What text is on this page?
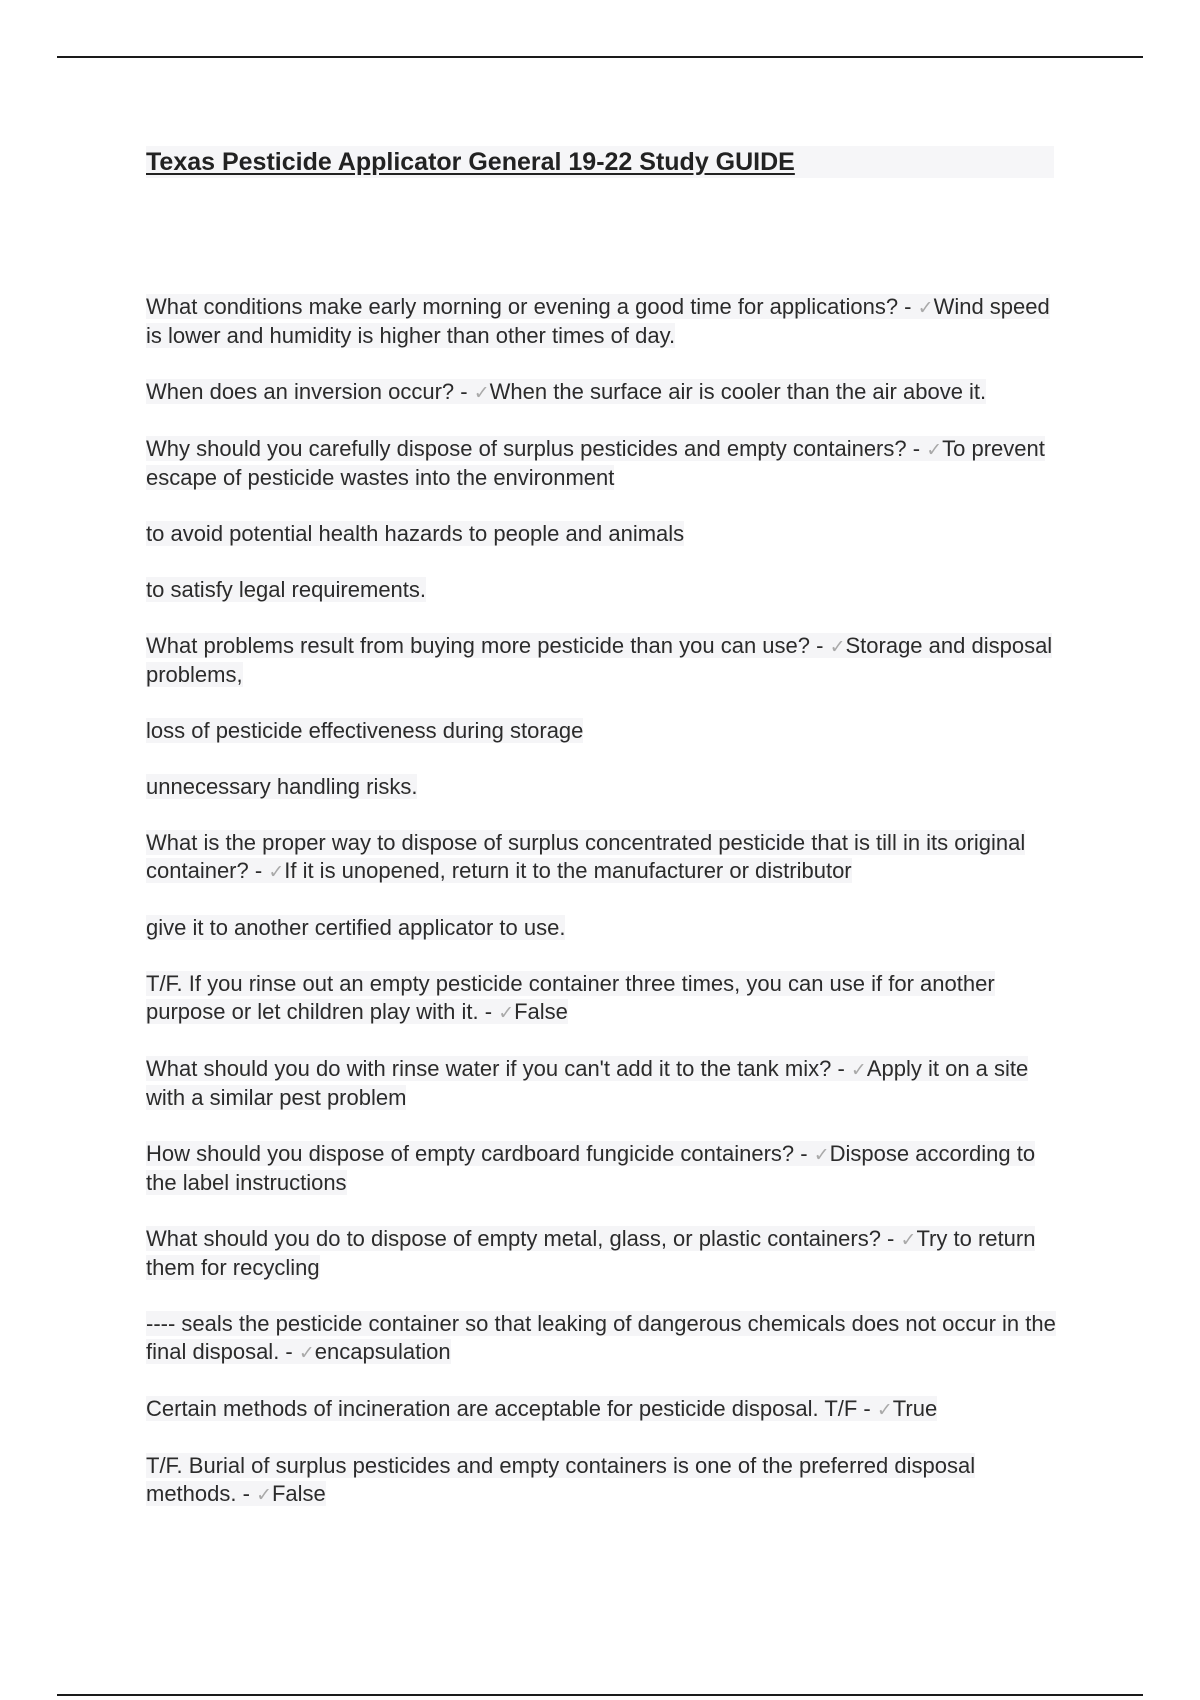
Texas Pesticide Applicator General 19-22 Study GUIDE

What conditions make early morning or evening a good time for applications? - ✓Wind speed is lower and humidity is higher than other times of day.

When does an inversion occur? - ✓When the surface air is cooler than the air above it.

Why should you carefully dispose of surplus pesticides and empty containers? - ✓To prevent escape of pesticide wastes into the environment

to avoid potential health hazards to people and animals

to satisfy legal requirements.

What problems result from buying more pesticide than you can use? - ✓Storage and disposal problems,

loss of pesticide effectiveness during storage

unnecessary handling risks.

What is the proper way to dispose of surplus concentrated pesticide that is till in its original container? - ✓If it is unopened, return it to the manufacturer or distributor

give it to another certified applicator to use.

T/F. If you rinse out an empty pesticide container three times, you can use if for another purpose or let children play with it. - ✓False

What should you do with rinse water if you can't add it to the tank mix? - ✓Apply it on a site with a similar pest problem

How should you dispose of empty cardboard fungicide containers? - ✓Dispose according to the label instructions

What should you do to dispose of empty metal, glass, or plastic containers? - ✓Try to return them for recycling

---- seals the pesticide container so that leaking of dangerous chemicals does not occur in the final disposal. - ✓encapsulation

Certain methods of incineration are acceptable for pesticide disposal. T/F - ✓True

T/F. Burial of surplus pesticides and empty containers is one of the preferred disposal methods. - ✓False
